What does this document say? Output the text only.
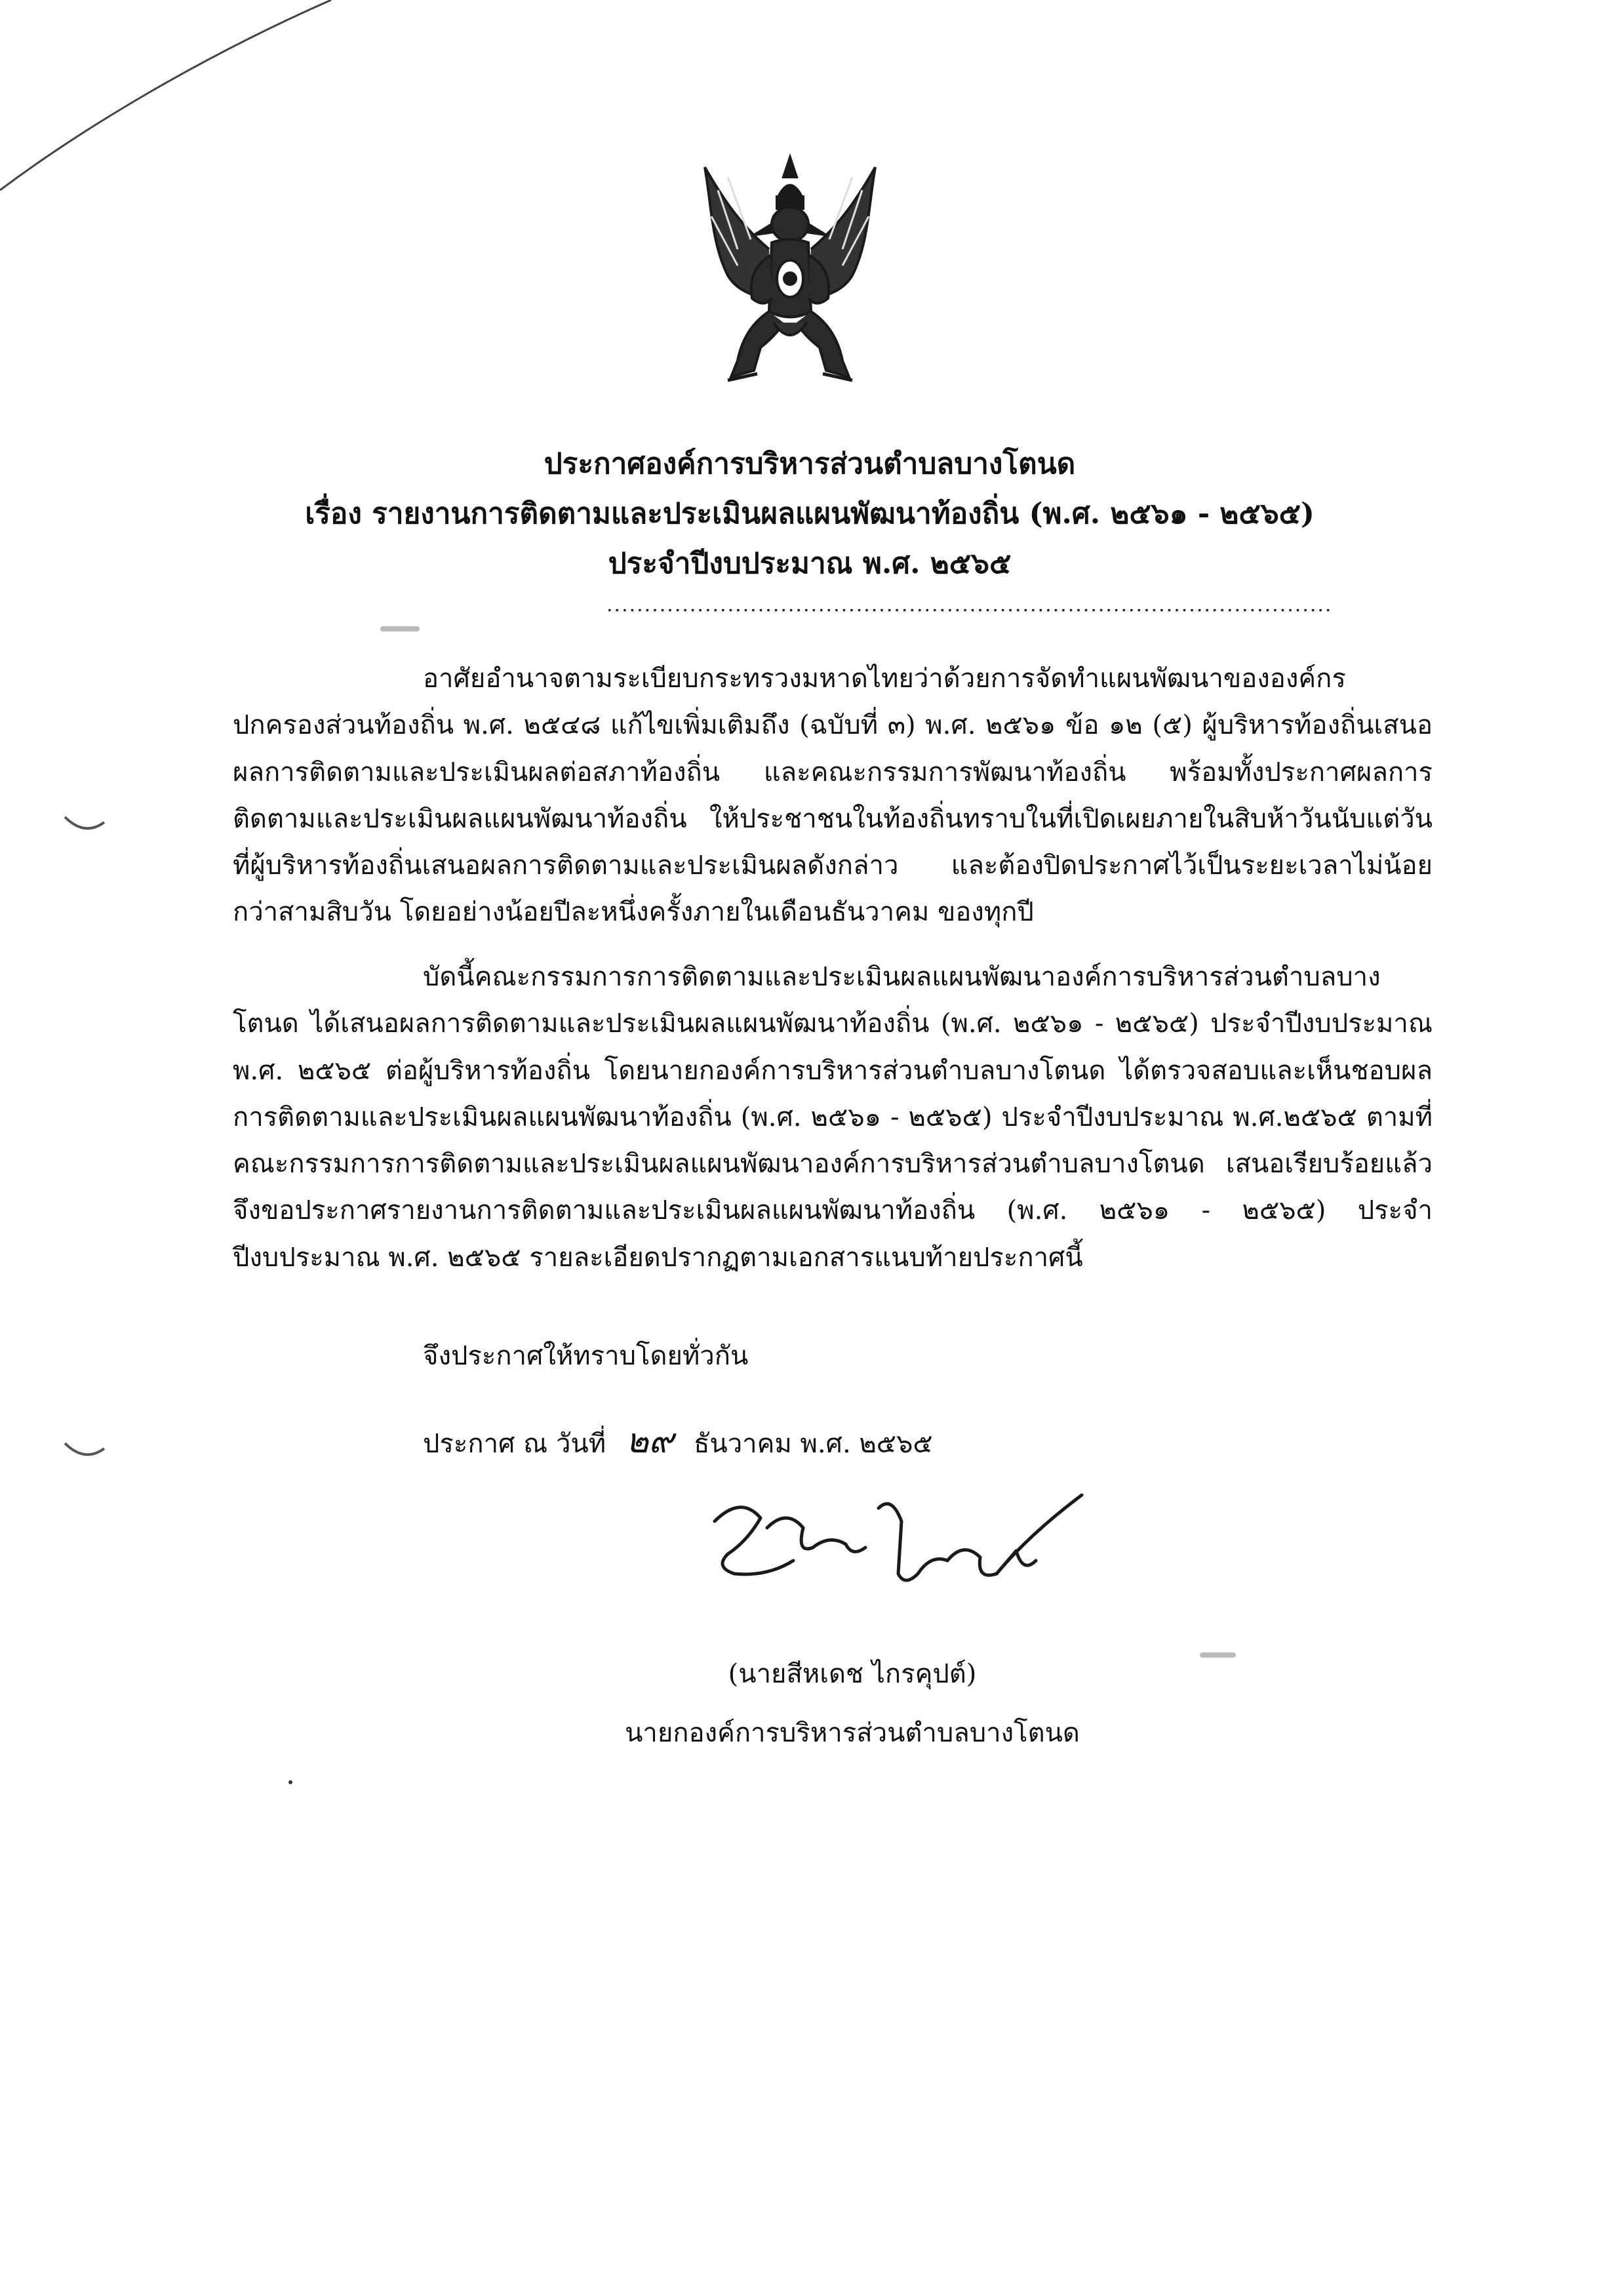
ประกาศองค์การบริหารส่วนตำบลบางโตนด
เรื่อง รายงานการติดตามและประเมินผลแผนพัฒนาท้องถิ่น (พ.ศ. ๒๕๖๑ - ๒๕๖๕)
ประจำปีงบประมาณ พ.ศ. ๒๕๖๕
................................................................................................
อาศัยอำนาจตามระเบียบกระทรวงมหาดไทยว่าด้วยการจัดทำแผนพัฒนาขององค์กรปกครองส่วนท้องถิ่น พ.ศ. ๒๕๔๘ แก้ไขเพิ่มเติมถึง (ฉบับที่ ๓) พ.ศ. ๒๕๖๑ ข้อ ๑๒ (๕) ผู้บริหารท้องถิ่นเสนอผลการติดตามและประเมินผลต่อสภาท้องถิ่น และคณะกรรมการพัฒนาท้องถิ่น พร้อมทั้งประกาศผลการติดตามและประเมินผลแผนพัฒนาท้องถิ่น ให้ประชาชนในท้องถิ่นทราบในที่เปิดเผยภายในสิบห้าวันนับแต่วันที่ผู้บริหารท้องถิ่นเสนอผลการติดตามและประเมินผลดังกล่าว และต้องปิดประกาศไว้เป็นระยะเวลาไม่น้อยกว่าสามสิบวัน โดยอย่างน้อยปีละหนึ่งครั้งภายในเดือนธันวาคม ของทุกปี
บัดนี้คณะกรรมการการติดตามและประเมินผลแผนพัฒนาองค์การบริหารส่วนตำบลบางโตนด ได้เสนอผลการติดตามและประเมินผลแผนพัฒนาท้องถิ่น (พ.ศ. ๒๕๖๑ - ๒๕๖๕) ประจำปีงบประมาณ พ.ศ. ๒๕๖๕ ต่อผู้บริหารท้องถิ่น โดยนายกองค์การบริหารส่วนตำบลบางโตนด ได้ตรวจสอบและเห็นชอบผลการติดตามและประเมินผลแผนพัฒนาท้องถิ่น (พ.ศ. ๒๕๖๑ - ๒๕๖๕) ประจำปีงบประมาณ พ.ศ.๒๕๖๕ ตามที่คณะกรรมการการติดตามและประเมินผลแผนพัฒนาองค์การบริหารส่วนตำบลบางโตนด เสนอเรียบร้อยแล้ว จึงขอประกาศรายงานการติดตามและประเมินผลแผนพัฒนาท้องถิ่น (พ.ศ. ๒๕๖๑ - ๒๕๖๕) ประจำปีงบประมาณ พ.ศ. ๒๕๖๕ รายละเอียดปรากฏตามเอกสารแนบท้ายประกาศนี้
จึงประกาศให้ทราบโดยทั่วกัน
ประกาศ ณ วันที่ ๒๙ ธันวาคม พ.ศ. ๒๕๖๕
(นายสีหเดช ไกรคุปต์)
นายกองค์การบริหารส่วนตำบลบางโตนด
